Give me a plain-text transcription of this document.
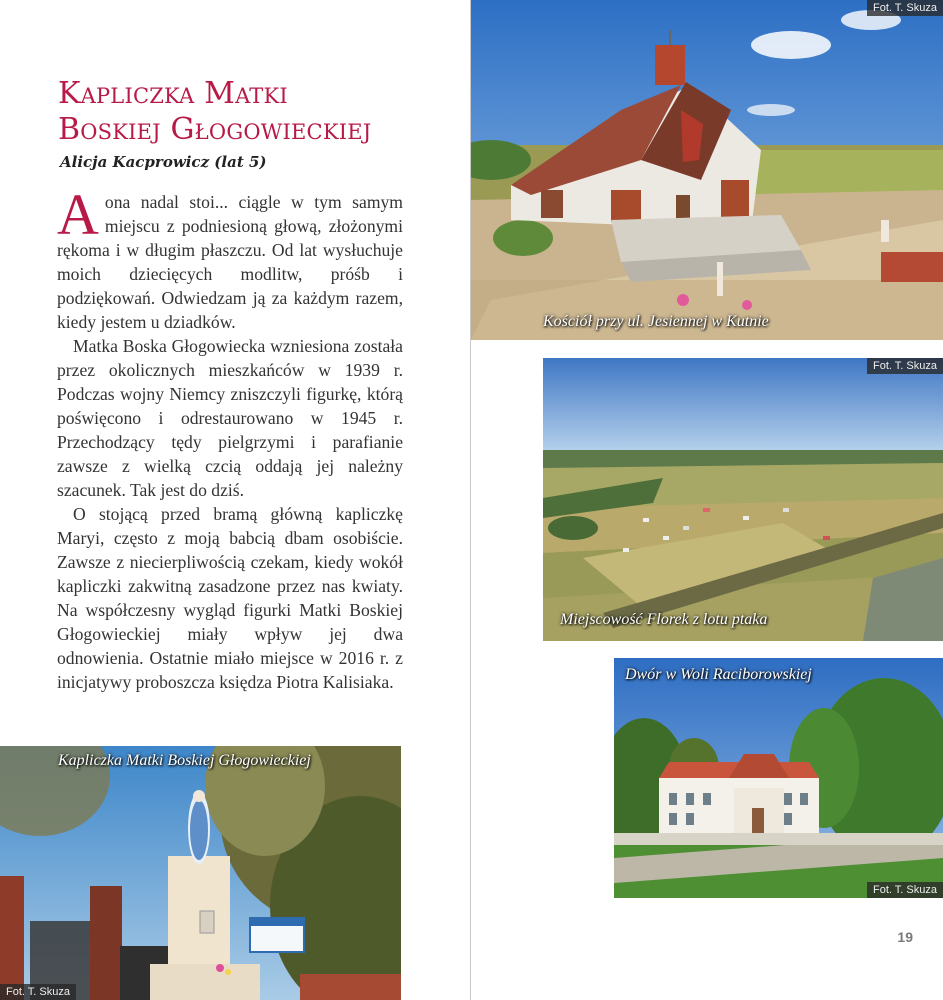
Kapliczka Matki
Boskiej Głogowieckiej

Alicja Kacprowicz (lat 5)

Aona nadal stoi... ciągle w tym samym miejscu z podniesioną głową, złożonymi rękoma i w długim płaszczu. Od lat wysłuchuje moich dziecięcych modlitw, próśb i podziękowań. Odwiedzam ją za każdym razem, kiedy jestem u dziadków.

Matka Boska Głogowiecka wzniesiona została przez okolicznych mieszkańców w 1939 r. Podczas wojny Niemcy zniszczyli figurkę, którą poświęcono i odrestaurowano w 1945 r. Przechodzący tędy pielgrzymi i parafianie zawsze z wielką czcią oddają jej należny szacunek. Tak jest do dziś.

O stojącą przed bramą główną kapliczkę Maryi, często z moją babcią dbam osobiście. Zawsze z niecierpliwością czekam, kiedy wokół kapliczki zakwitną zasadzone przez nas kwiaty. Na współczesny wygląd figurki Matki Boskiej Głogowieckiej miały wpływ jej dwa odnowienia. Ostatnie miało miejsce w 2016 r. z inicjatywy proboszcza księdza Piotra Kalisiaka.

Kapliczka Matki Boskiej Głogowieckiej
Fot. T. Skuza
Fot. T. Skuza
Kościół przy ul. Jesiennej w Kutnie
Fot. T. Skuza
Miejscowość Florek z lotu ptaka
Dwór w Woli Raciborowskiej
Fot. T. Skuza
19
